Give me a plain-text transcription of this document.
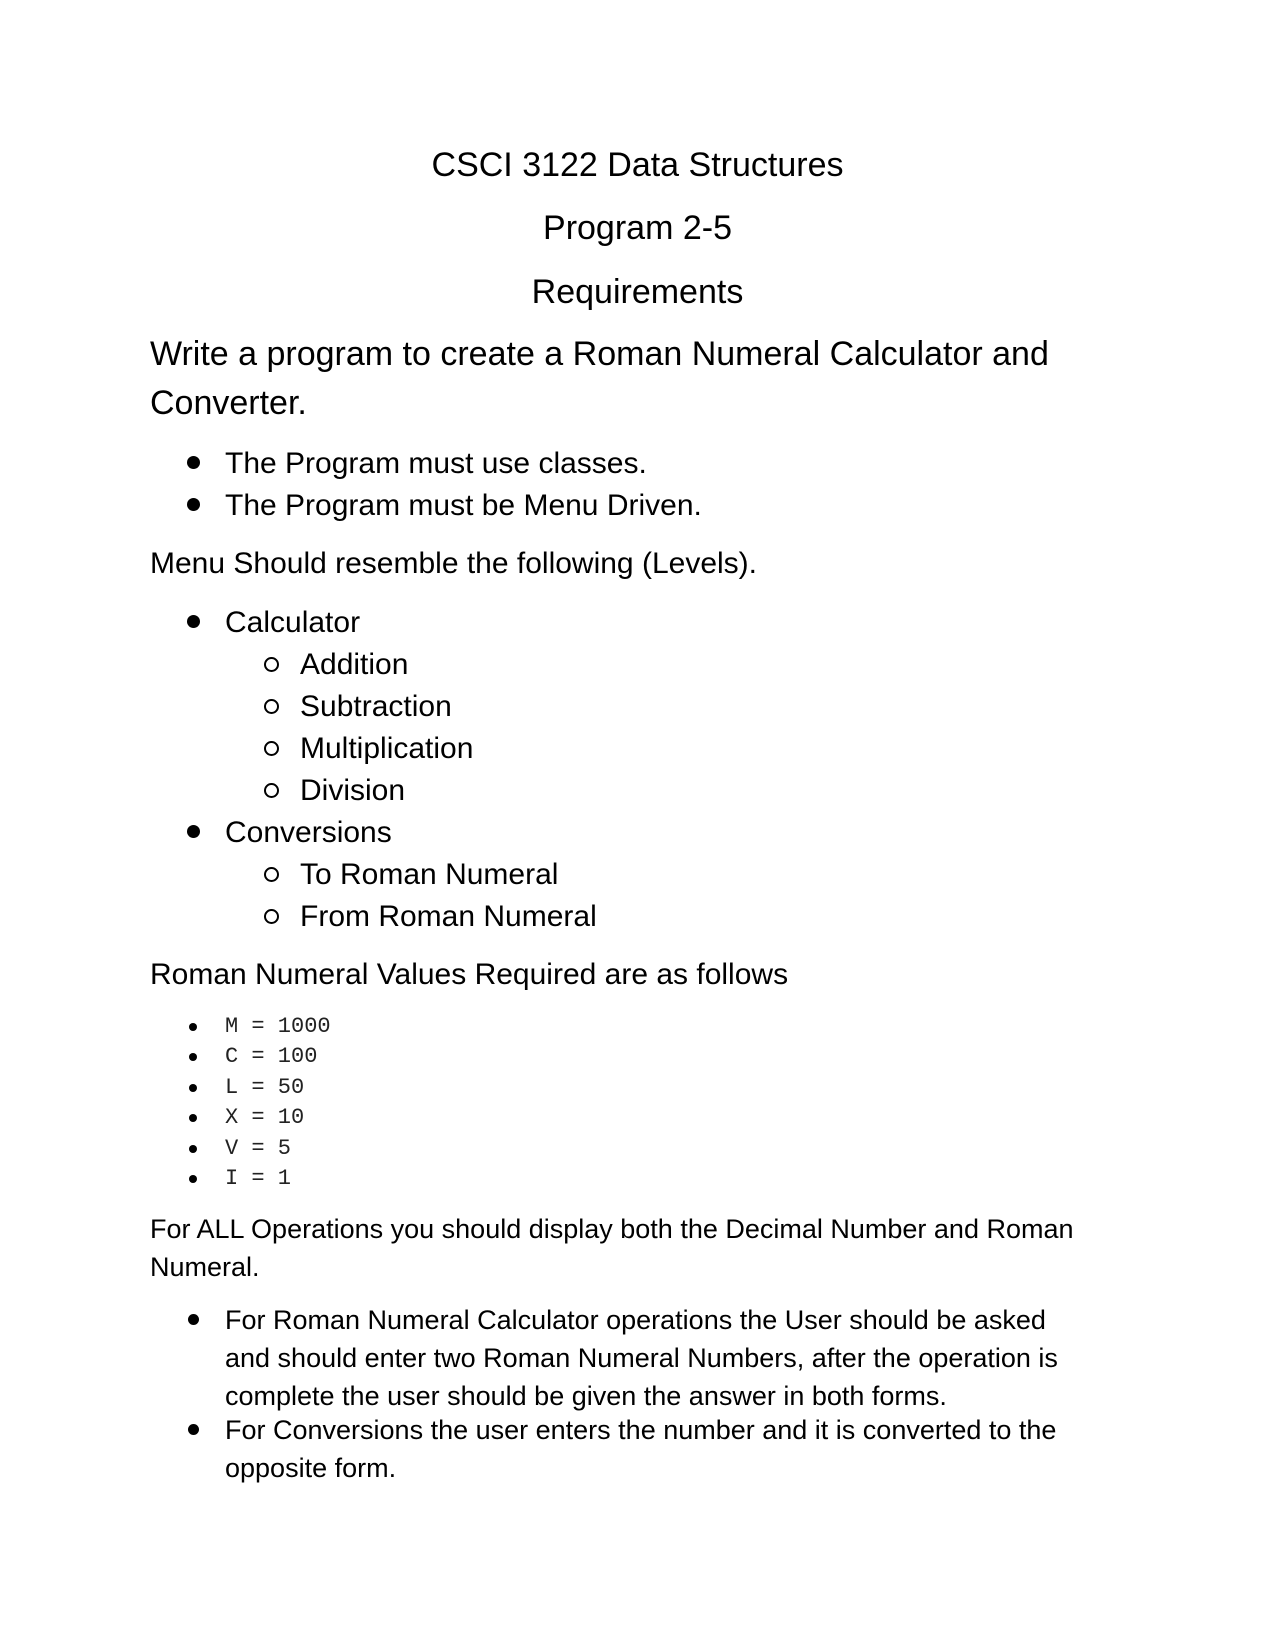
CSCI 3122 Data Structures
Program 2-5
Requirements
Write a program to create a Roman Numeral Calculator and Converter.
The Program must use classes.
The Program must be Menu Driven.
Menu Should resemble the following (Levels).
Calculator
Addition
Subtraction
Multiplication
Division
Conversions
To Roman Numeral
From Roman Numeral
Roman Numeral Values Required are as follows
M = 1000
C = 100
L = 50
X = 10
V = 5
I = 1
For ALL Operations you should display both the Decimal Number and Roman Numeral.
For Roman Numeral Calculator operations the User should be asked and should enter two Roman Numeral Numbers, after the operation is complete the user should be given the answer in both forms.
For Conversions the user enters the number and it is converted to the opposite form.
